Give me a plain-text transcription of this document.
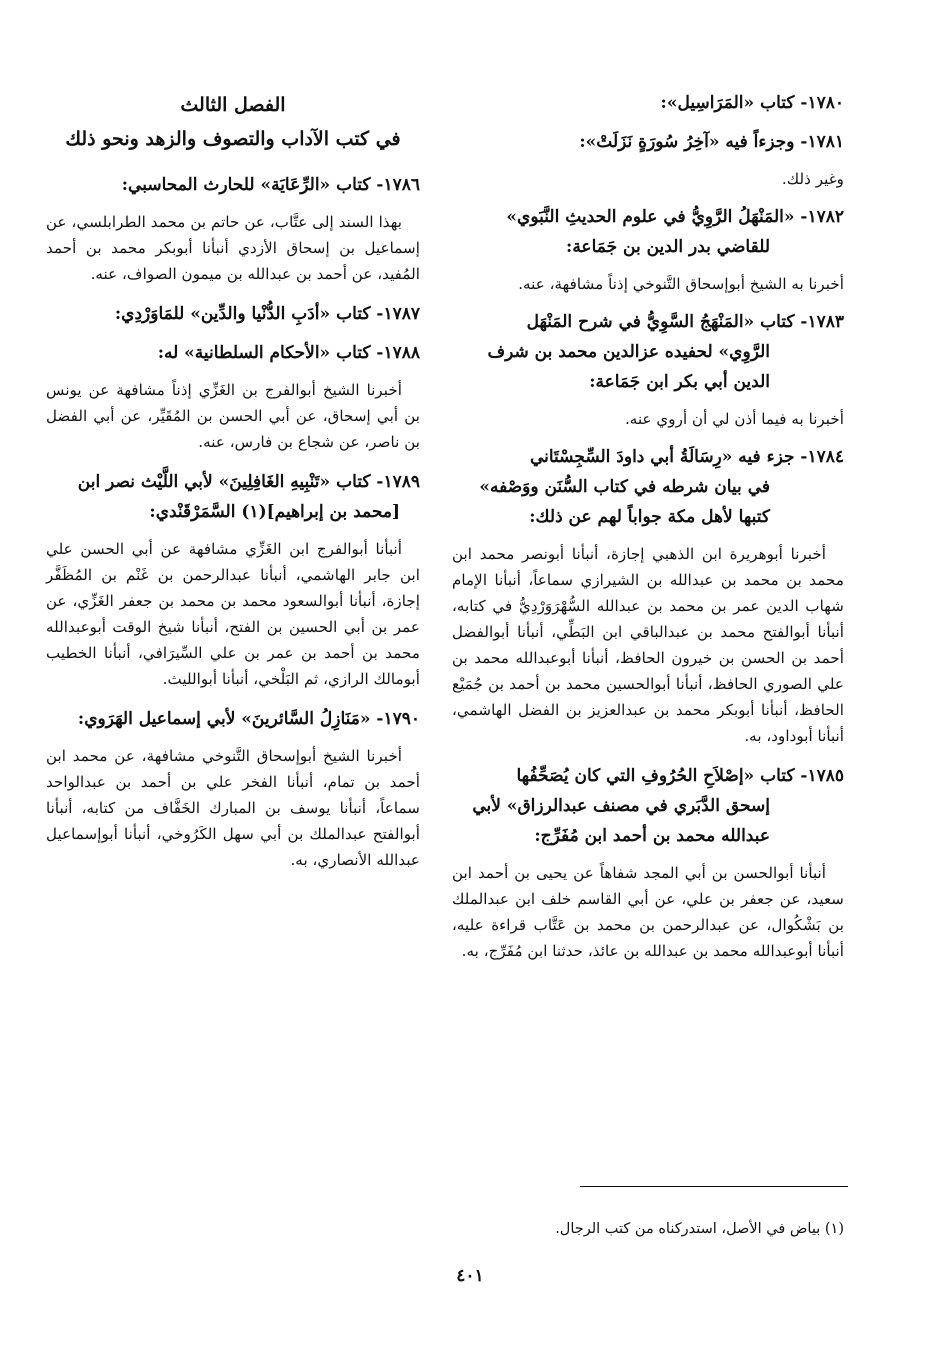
١٧٨٠- كتاب «المَرَاسِيل»:

١٧٨١- وجزءاً فيه «آخِرُ سُورَةٍ نَزَلَتْ»:

وغير ذلك.

١٧٨٢- «المَنْهَلُ الرَّوِيُّ في علوم الحديثِ النَّبَوي»

للقاضي بدر الدين بن جَمَاعة:

أخبرنا به الشيخ أبوإسحاق التَّنوخي إذناً مشافهة، عنه.

١٧٨٣- كتاب «المَنْهَجُ السَّوِيُّ في شرح المَنْهَل

الرَّوِي» لحفيده عزالدين محمد بن شرف

الدين أبي بكر ابن جَمَاعة:

أخبرنا به فيما أذن لي أن أروي عنه.

١٧٨٤- جزء فيه «رِسَالَةُ أبي داودَ السِّجِسْتَاني

في بيان شرطه في كتاب السُّنَن ووَصْفه»

كتبها لأهل مكة جواباً لهم عن ذلك:

أخبرنا أبوهريرة ابن الذهبي إجازة، أنبأنا أبونصر محمد ابن محمد بن محمد بن عبدالله بن الشيرازي سماعاً، أنبأنا الإمام شهاب الدين عمر بن محمد بن عبدالله السُّهْرَوَرْدِيُّ في كتابه، أنبأنا أبوالفتح محمد بن عبدالباقي ابن البَطِّي، أنبأنا أبوالفضل أحمد بن الحسن بن خيرون الحافظ، أنبأنا أبوعبدالله محمد بن علي الصوري الحافظ، أنبأنا أبوالحسين محمد بن أحمد بن جُمَيْع الحافظ، أنبأنا أبوبكر محمد بن عبدالعزيز بن الفضل الهاشمي، أنبأنا أبوداود، به.

١٧٨٥- كتاب «إصْلاَحِ الحُرُوفِ التي كان يُصَحِّفُها

إسحق الدَّبَري في مصنف عبدالرزاق» لأبي

عبدالله محمد بن أحمد ابن مُفَرِّج:

أنبأنا أبوالحسن بن أبي المجد شفاهاً عن يحيى بن أحمد ابن سعيد، عن جعفر بن علي، عن أبي القاسم خلف ابن عبدالملك بن بَشْكُوال، عن عبدالرحمن بن محمد بن عَتَّاب قراءة عليه، أنبأنا أبوعبدالله محمد بن عبدالله بن عائذ، حدثنا ابن مُفَرِّج، به.

الفصل الثالث

في كتب الآداب والتصوف والزهد ونحو ذلك

١٧٨٦- كتاب «الرِّعَايَة» للحارث المحاسبي:

بهذا السند إلى عتَّاب، عن حاتم بن محمد الطرابلسي، عن إسماعيل بن إسحاق الأزدي أنبأنا أبوبكر محمد بن أحمد المُفيد، عن أحمد بن عبدالله بن ميمون الصواف، عنه.

١٧٨٧- كتاب «أدَبِ الدُّنْيا والدِّين» للمَاوَرْدِي:

١٧٨٨- كتاب «الأحكام السلطانية» له:

أخبرنا الشيخ أبوالفرج بن الغَزِّي إذناً مشافهة عن يونس بن أبي إسحاق، عن أبي الحسن بن المُقَيِّر، عن أبي الفضل بن ناصر، عن شجاع بن فارس، عنه.

١٧٨٩- كتاب «تَنْبِيهِ الغَافِلِينَ» لأبي اللَّيْث نصر ابن

[محمد بن إبراهيم](١) السَّمَرْقَنْدي:

أنبأنا أبوالفرج ابن الغَزِّي مشافهة عن أبي الحسن علي ابن جابر الهاشمي، أنبأنا عبدالرحمن بن غَنْم بن المُظَفَّر إجازة، أنبأنا أبوالسعود محمد بن محمد بن جعفر الغَزِّي، عن عمر بن أبي الحسين بن الفتح، أنبأنا شيخ الوقت أبوعبدالله محمد بن أحمد بن عمر بن علي السِّيرَافي، أنبأنا الخطيب أبومالك الرازي، ثم البَلْخي، أنبأنا أبوالليث.

١٧٩٠- «مَنَازِلُ السَّائرينَ» لأبي إسماعيل الهَرَوي:

أخبرنا الشيخ أبوإسحاق التَّنوخي مشافهة، عن محمد ابن أحمد بن تمام، أنبأنا الفخر علي بن أحمد بن عبدالواحد سماعاً، أنبأنا يوسف بن المبارك الخَفَّاف من كتابه، أنبأنا أبوالفتح عبدالملك بن أبي سهل الكَرُوخي، أنبأنا أبوإسماعيل عبدالله الأنصاري، به.

(١) بياض في الأصل، استدركناه من كتب الرجال.

٤٠١
